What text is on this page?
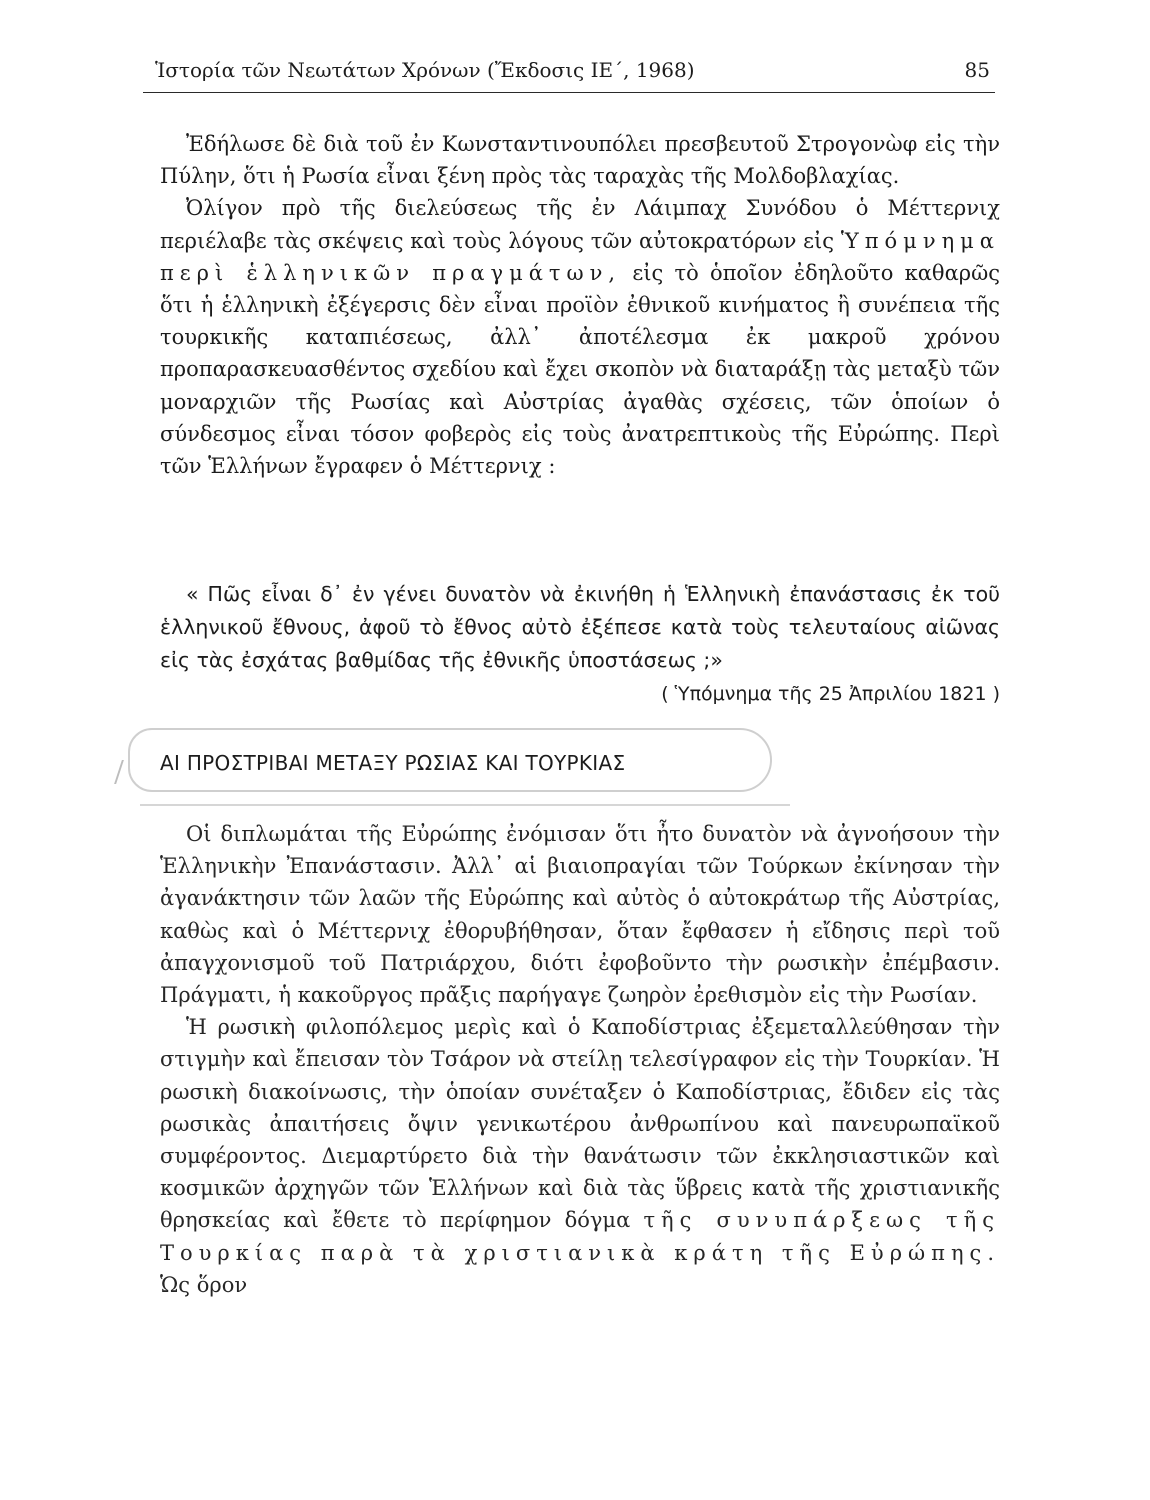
Ἱστορία τῶν Νεωτάτων Χρόνων (Ἔκδοσις ΙΕ΄, 1968)	85

Ἐδήλωσε δὲ διὰ τοῦ ἐν Κωνσταντινουπόλει πρεσβευτοῦ Στρογονὼφ εἰς τὴν Πύλην, ὅτι ἡ Ρωσία εἶναι ξένη πρὸς τὰς ταραχὰς τῆς Μολδοβλαχίας.

Ὀλίγον πρὸ τῆς διελεύσεως τῆς ἐν Λάιμπαχ Συνόδου ὁ Μέττερνιχ περιέλαβε τὰς σκέψεις καὶ τοὺς λόγους τῶν αὐτοκρατόρων εἰς Ὑπόμνημα περὶ ἑλληνικῶν πραγμάτων, εἰς τὸ ὁποῖον ἐδηλοῦτο καθαρῶς ὅτι ἡ ἑλληνικὴ ἐξέγερσις δὲν εἶναι προϊὸν ἐθνικοῦ κινήματος ἢ συνέπεια τῆς τουρκικῆς καταπιέσεως, ἀλλ᾽ ἀποτέλεσμα ἐκ μακροῦ χρόνου προπαρασκευασθέντος σχεδίου καὶ ἔχει σκοπὸν νὰ διαταράξῃ τὰς μεταξὺ τῶν μοναρχιῶν τῆς Ρωσίας καὶ Αὐστρίας ἀγαθὰς σχέσεις, τῶν ὁποίων ὁ σύνδεσμος εἶναι τόσον φοβερὸς εἰς τοὺς ἀνατρεπτικοὺς τῆς Εὐρώπης. Περὶ τῶν Ἑλλήνων ἔγραφεν ὁ Μέττερνιχ :

« Πῶς εἶναι δ᾽ ἐν γένει δυνατὸν νὰ ἐκινήθη ἡ Ἑλληνικὴ ἐπανάστασις ἐκ τοῦ ἑλληνικοῦ ἔθνους, ἀφοῦ τὸ ἔθνος αὐτὸ ἐξέπεσε κατὰ τοὺς τελευταίους αἰῶνας εἰς τὰς ἐσχάτας βαθμίδας τῆς ἐθνικῆς ὑποστάσεως ;»

( Ὑπόμνημα τῆς 25 Ἀπριλίου 1821 )

ΑΙ ΠΡΟΣΤΡΙΒΑΙ ΜΕΤΑΞΥ ΡΩΣΙΑΣ ΚΑΙ ΤΟΥΡΚΙΑΣ

Οἱ διπλωμάται τῆς Εὐρώπης ἐνόμισαν ὅτι ἦτο δυνατὸν νὰ ἀγνοήσουν τὴν Ἑλληνικὴν Ἐπανάστασιν. Ἀλλ᾽ αἱ βιαιοπραγίαι τῶν Τούρκων ἐκίνησαν τὴν ἀγανάκτησιν τῶν λαῶν τῆς Εὐρώπης καὶ αὐτὸς ὁ αὐτοκράτωρ τῆς Αὐστρίας, καθὼς καὶ ὁ Μέττερνιχ ἐθορυβήθησαν, ὅταν ἔφθασεν ἡ εἴδησις περὶ τοῦ ἀπαγχονισμοῦ τοῦ Πατριάρχου, διότι ἐφοβοῦντο τὴν ρωσικὴν ἐπέμβασιν. Πράγματι, ἡ κακοῦργος πρᾶξις παρήγαγε ζωηρὸν ἐρεθισμὸν εἰς τὴν Ρωσίαν.

Ἡ ρωσικὴ φιλοπόλεμος μερὶς καὶ ὁ Καποδίστριας ἐξεμεταλλεύθησαν τὴν στιγμὴν καὶ ἔπεισαν τὸν Τσάρον νὰ στείλῃ τελεσίγραφον εἰς τὴν Τουρκίαν. Ἡ ρωσικὴ διακοίνωσις, τὴν ὁποίαν συνέταξεν ὁ Καποδίστριας, ἔδιδεν εἰς τὰς ρωσικὰς ἀπαιτήσεις ὄψιν γενικωτέρου ἀνθρωπίνου καὶ πανευρωπαϊκοῦ συμφέροντος. Διεμαρτύρετο διὰ τὴν θανάτωσιν τῶν ἐκκλησιαστικῶν καὶ κοσμικῶν ἀρχηγῶν τῶν Ἑλλήνων καὶ διὰ τὰς ὕβρεις κατὰ τῆς χριστιανικῆς θρησκείας καὶ ἔθετε τὸ περίφημον δόγμα τῆς συνυπάρξεως τῆς Τουρκίας παρὰ τὰ χριστιανικὰ κράτη τῆς Εὐρώπης. Ὡς ὅρον
